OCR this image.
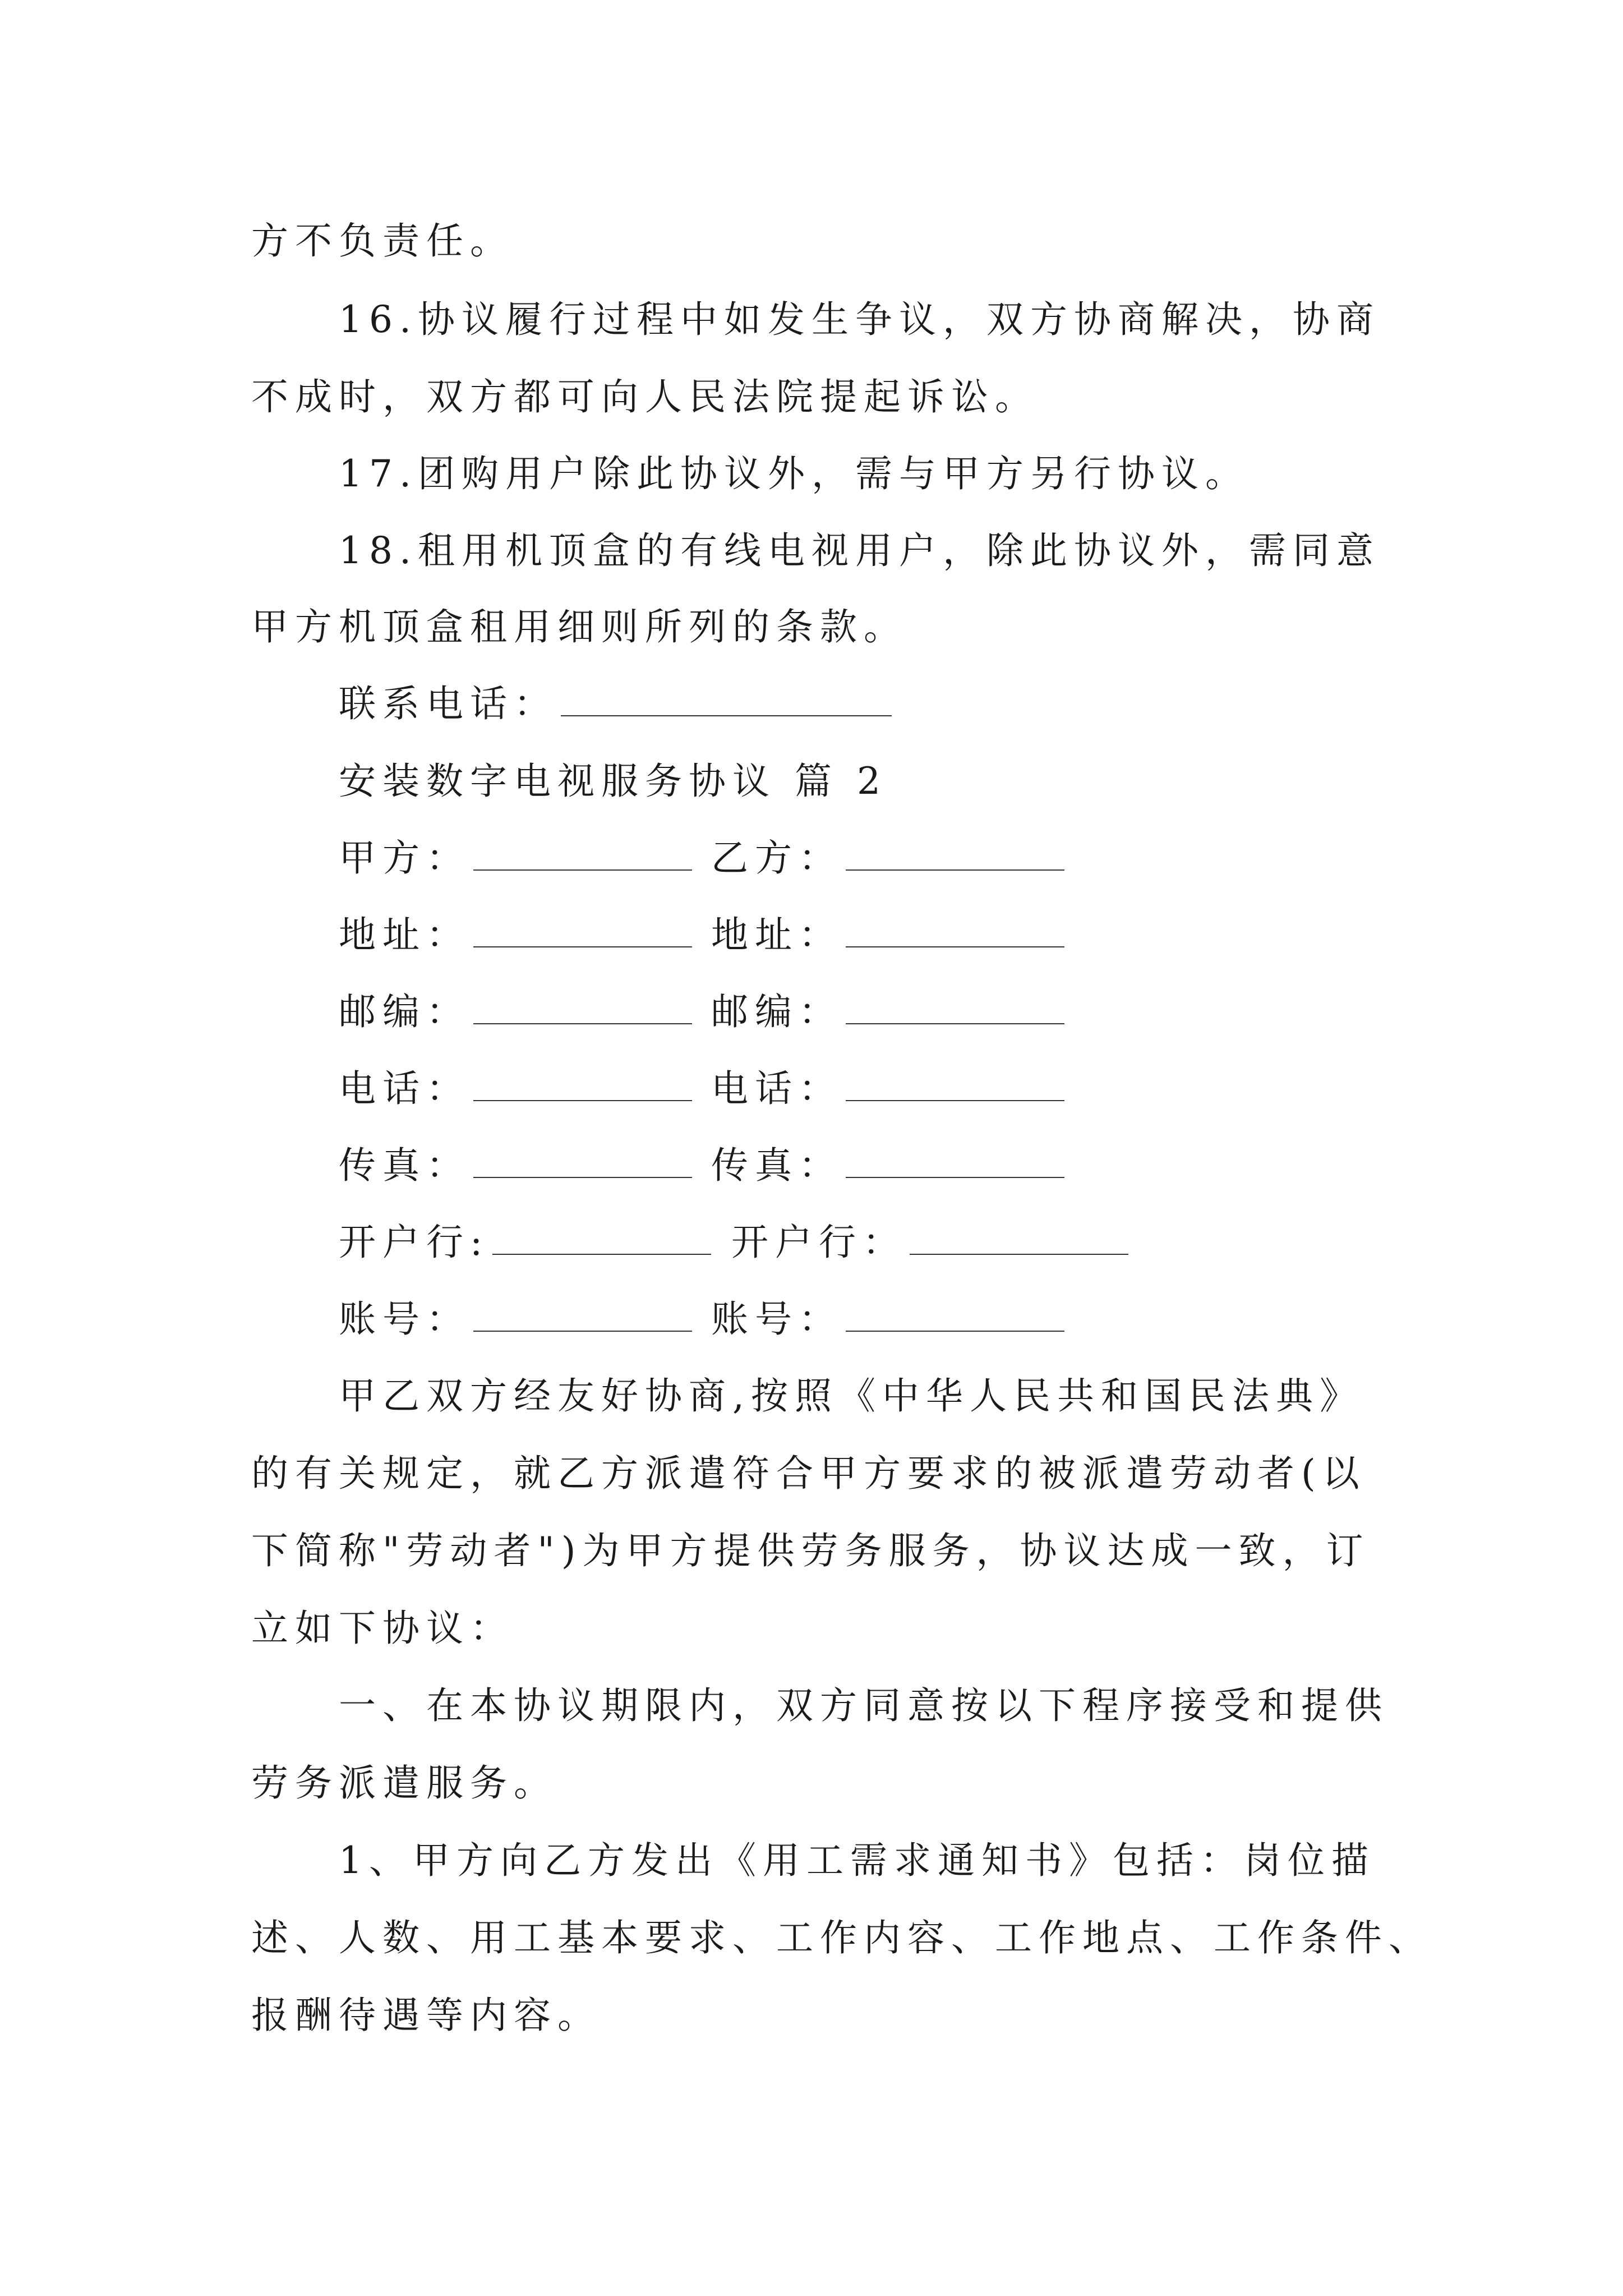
方不负责任。
16.协议履行过程中如发生争议，双方协商解决，协商
不成时，双方都可向人民法院提起诉讼。
17.团购用户除此协议外，需与甲方另行协议。
18.租用机顶盒的有线电视用户，除此协议外，需同意
甲方机顶盒租用细则所列的条款。
联系电话：
安装数字电视服务协议 篇 2
甲方：	乙方：
地址：	地址：
邮编：	邮编：
电话：	电话：
传真：	传真：
开户行:	开户行：
账号：	账号：
甲乙双方经友好协商,按照《中华人民共和国民法典》
的有关规定，就乙方派遣符合甲方要求的被派遣劳动者(以
下简称"劳动者")为甲方提供劳务服务，协议达成一致，订
立如下协议：
一、在本协议期限内，双方同意按以下程序接受和提供
劳务派遣服务。
1、甲方向乙方发出《用工需求通知书》包括：岗位描
述、人数、用工基本要求、工作内容、工作地点、工作条件、
报酬待遇等内容。
